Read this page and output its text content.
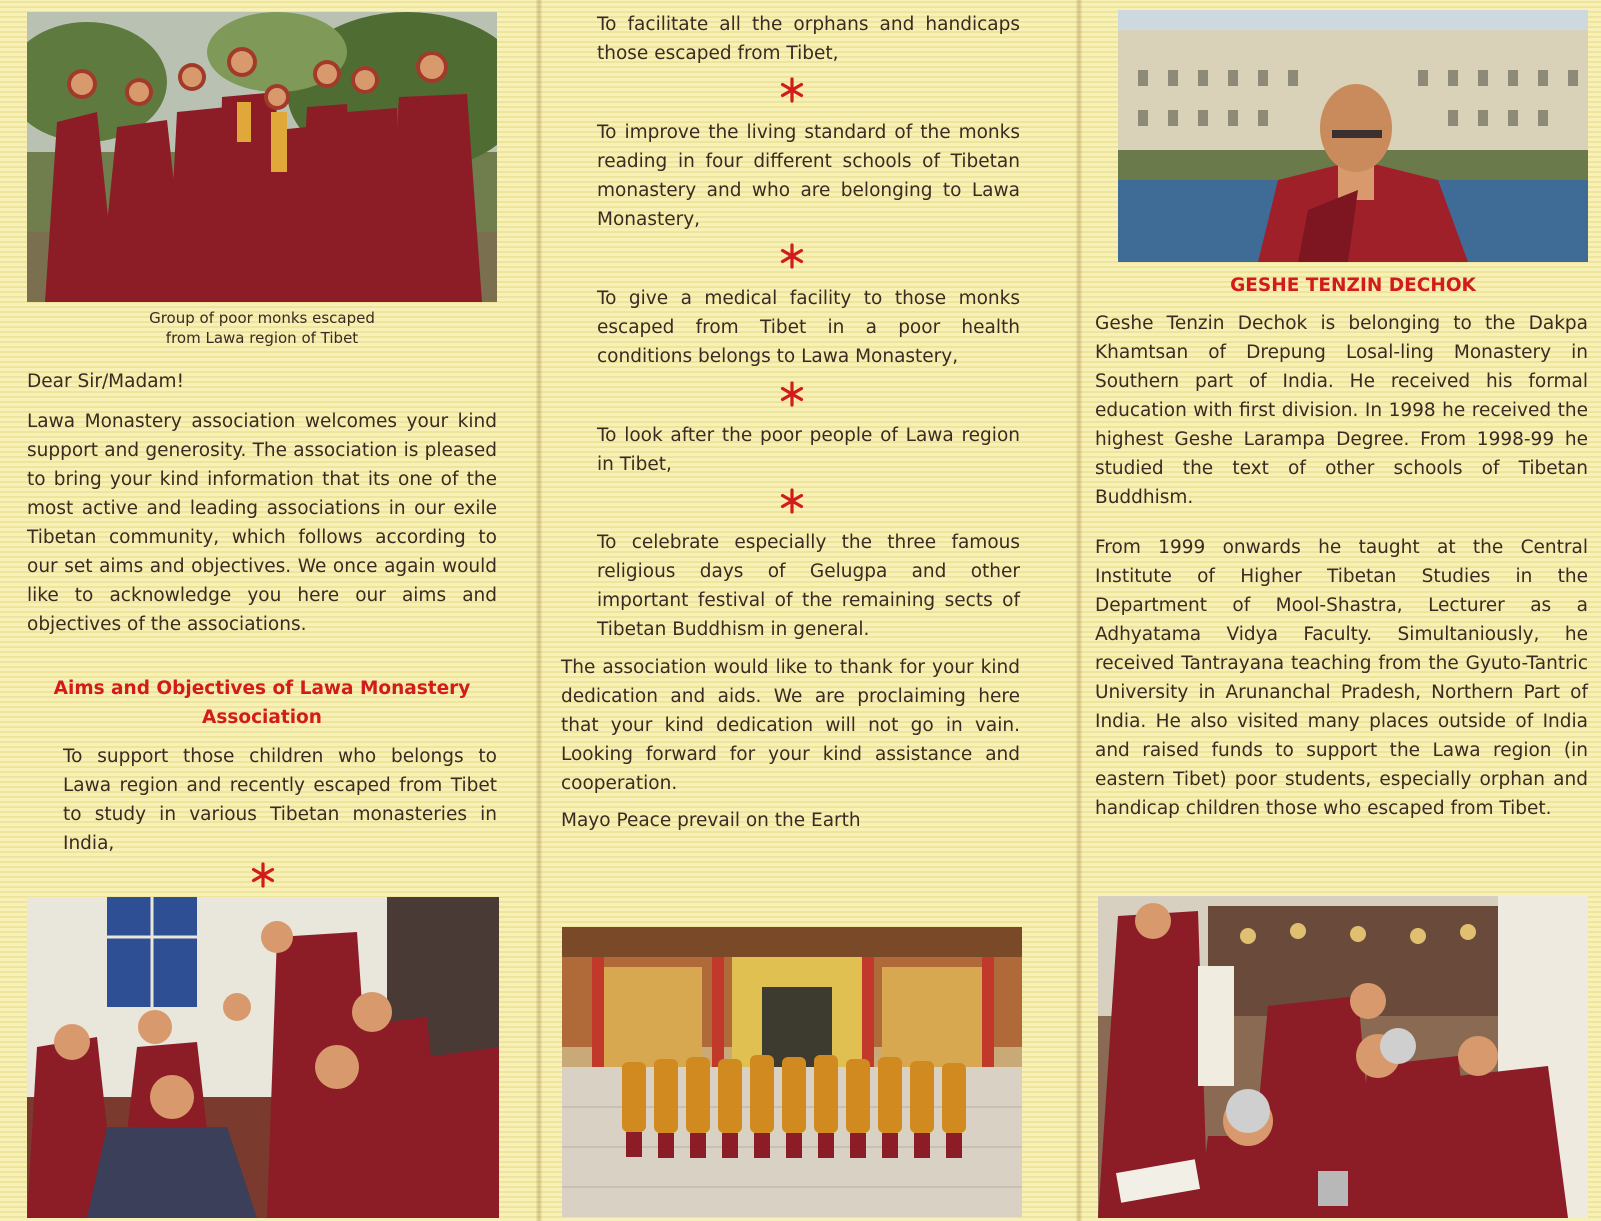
Group of poor monks escaped
from Lawa region of Tibet
Dear Sir/Madam!
Lawa Monastery association welcomes your kind support and generosity. The association is pleased to bring your kind information that its one of the most active and leading associations in our exile Tibetan community, which follows according to our set aims and objectives. We once again would like to acknowledge you here our aims and objectives of the associations.
Aims and Objectives of Lawa Monastery
Association
To support those children who belongs to Lawa region and recently escaped from Tibet to study in various Tibetan monasteries in India,
To facilitate all the orphans and handicaps those escaped from Tibet,
To improve the living standard of the monks reading in four different schools of Tibetan monastery and who are belonging to Lawa Monastery,
To give a medical facility to those monks escaped from Tibet in a poor health conditions belongs to Lawa Monastery,
To look after the poor people of Lawa region in Tibet,
To celebrate especially the three famous religious days of Gelugpa and other important festival of the remaining sects of Tibetan Buddhism in general.
The association would like to thank for your kind dedication and aids. We are proclaiming here that your kind dedication will not go in vain. Looking forward for your kind assistance and cooperation.
Mayo Peace prevail on the Earth
GESHE TENZIN DECHOK
Geshe Tenzin Dechok is belonging to the Dakpa Khamtsan of Drepung Losal-ling Monastery in Southern part of India. He received his formal education with first division. In 1998 he received the highest Geshe Larampa Degree. From 1998-99 he studied the text of other schools of Tibetan Buddhism.
From 1999 onwards he taught at the Central Institute of Higher Tibetan Studies in the Department of Mool-Shastra, Lecturer as a Adhyatama Vidya Faculty. Simultaniously, he received Tantrayana teaching from the Gyuto-Tantric University in Arunanchal Pradesh, Northern Part of India. He also visited many places outside of India and raised funds to support the Lawa region (in eastern Tibet) poor students, especially orphan and handicap children those who escaped from Tibet.
